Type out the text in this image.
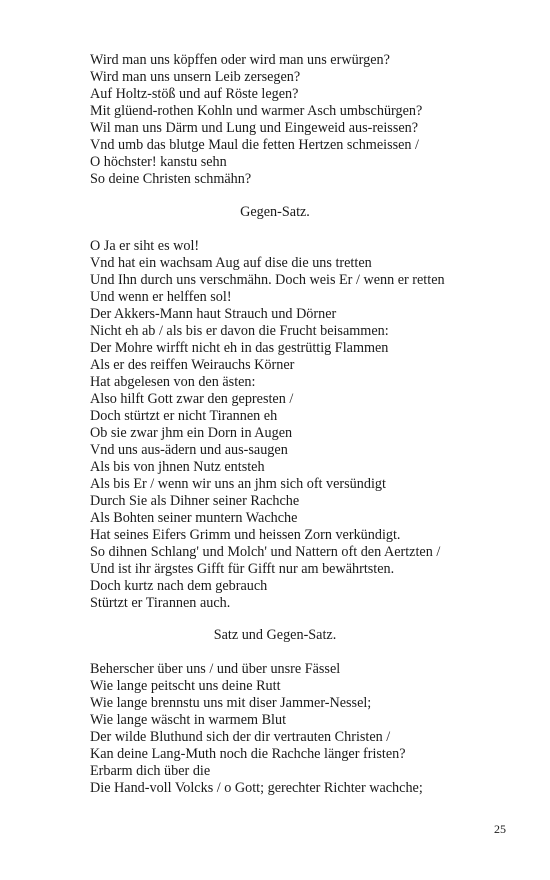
Wird man uns köpffen oder wird man uns erwürgen?
Wird man uns unsern Leib zersegen?
Auf Holtz-stöß und auf Röste legen?
Mit glüend-rothen Kohln und warmer Asch umbschürgen?
Wil man uns Därm und Lung und Eingeweid aus-reissen?
Vnd umb das blutge Maul die fetten Hertzen schmeissen /
O höchster! kanstu sehn
So deine Christen schmähn?
Gegen-Satz.
O Ja er siht es wol!
Vnd hat ein wachsam Aug auf dise die uns tretten
Und Ihn durch uns verschmähn. Doch weis Er / wenn er retten
Und wenn er helffen sol!
Der Akkers-Mann haut Strauch und Dörner
Nicht eh ab / als bis er davon die Frucht beisammen:
Der Mohre wirfft nicht eh in das gestrüttig Flammen
Als er des reiffen Weirauchs Körner
Hat abgelesen von den ästen:
Also hilft Gott zwar den gepresten /
Doch stürtzt er nicht Tirannen eh
Ob sie zwar jhm ein Dorn in Augen
Vnd uns aus-ädern und aus-saugen
Als bis von jhnen Nutz entsteh
Als bis Er / wenn wir uns an jhm sich oft versündigt
Durch Sie als Dihner seiner Rachche
Als Bohten seiner muntern Wachche
Hat seines Eifers Grimm und heissen Zorn verkündigt.
So dihnen Schlang' und Molch' und Nattern oft den Aertzten /
Und ist ihr ärgstes Gifft für Gifft nur am bewährtsten.
Doch kurtz nach dem gebrauch
Stürtzt er Tirannen auch.
Satz und Gegen-Satz.
Beherscher über uns / und über unsre Fässel
Wie lange peitscht uns deine Rutt
Wie lange brennstu uns mit diser Jammer-Nessel;
Wie lange wäscht in warmem Blut
Der wilde Bluthund sich der dir vertrauten Christen /
Kan deine Lang-Muth noch die Rachche länger fristen?
Erbarm dich über die
Die Hand-voll Volcks / o Gott; gerechter Richter wachche;
25
